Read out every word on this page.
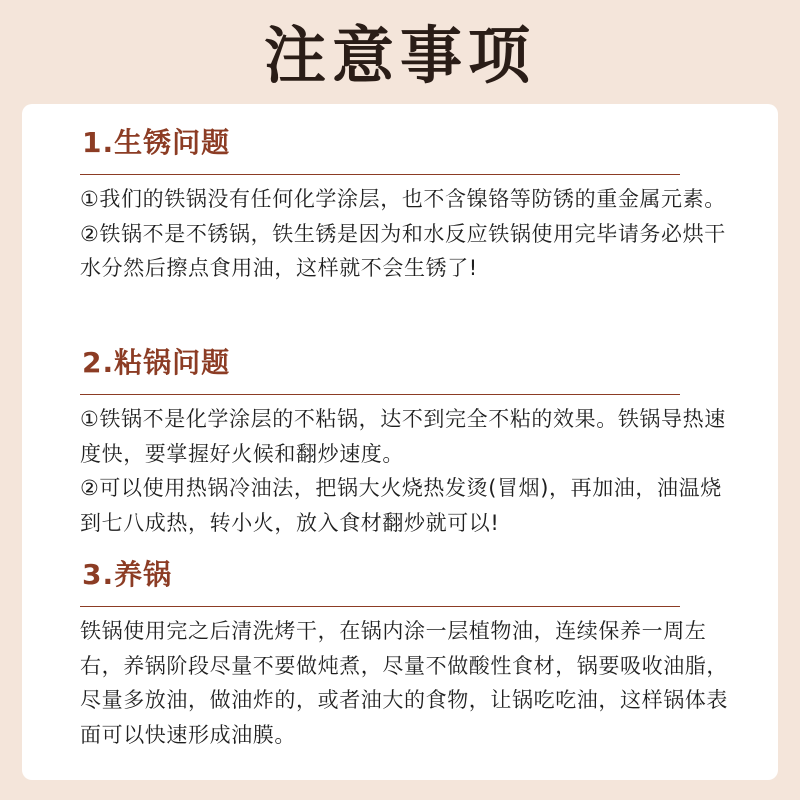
注意事项
1.生锈问题

①我们的铁锅没有任何化学涂层，也不含镍铬等防锈的重金属元素。

②铁锅不是不锈锅，铁生锈是因为和水反应铁锅使用完毕请务必烘干水分然后擦点食用油，这样就不会生锈了!

2.粘锅问题

①铁锅不是化学涂层的不粘锅，达不到完全不粘的效果。铁锅导热速度快，要掌握好火候和翻炒速度。

②可以使用热锅冷油法，把锅大火烧热发烫(冒烟)，再加油，油温烧到七八成热，转小火，放入食材翻炒就可以!

3.养锅

铁锅使用完之后清洗烤干，在锅内涂一层植物油，连续保养一周左右，养锅阶段尽量不要做炖煮，尽量不做酸性食材，锅要吸收油脂，尽量多放油，做油炸的，或者油大的食物，让锅吃吃油，这样锅体表面可以快速形成油膜。
